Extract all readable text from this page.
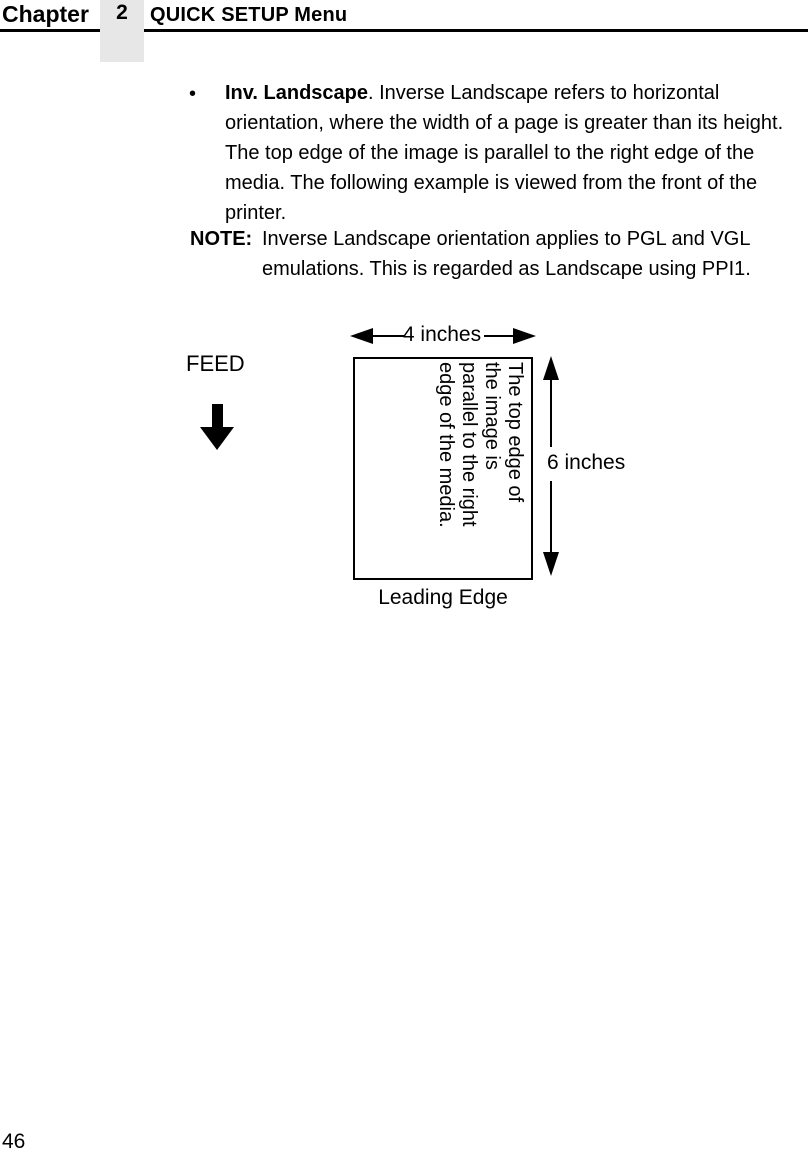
Chapter	2	QUICK SETUP Menu
• Inv. Landscape. Inverse Landscape refers to horizontal
orientation, where the width of a page is greater than its height.
The top edge of the image is parallel to the right edge of the
media. The following example is viewed from the front of the
printer.
NOTE: Inverse Landscape orientation applies to PGL and VGL
emulations. This is regarded as Landscape using PPI1.
4 inches
FEED	The top edge of
the image is
parallel to the right
edge of the media.	6 inches
Leading Edge
46
